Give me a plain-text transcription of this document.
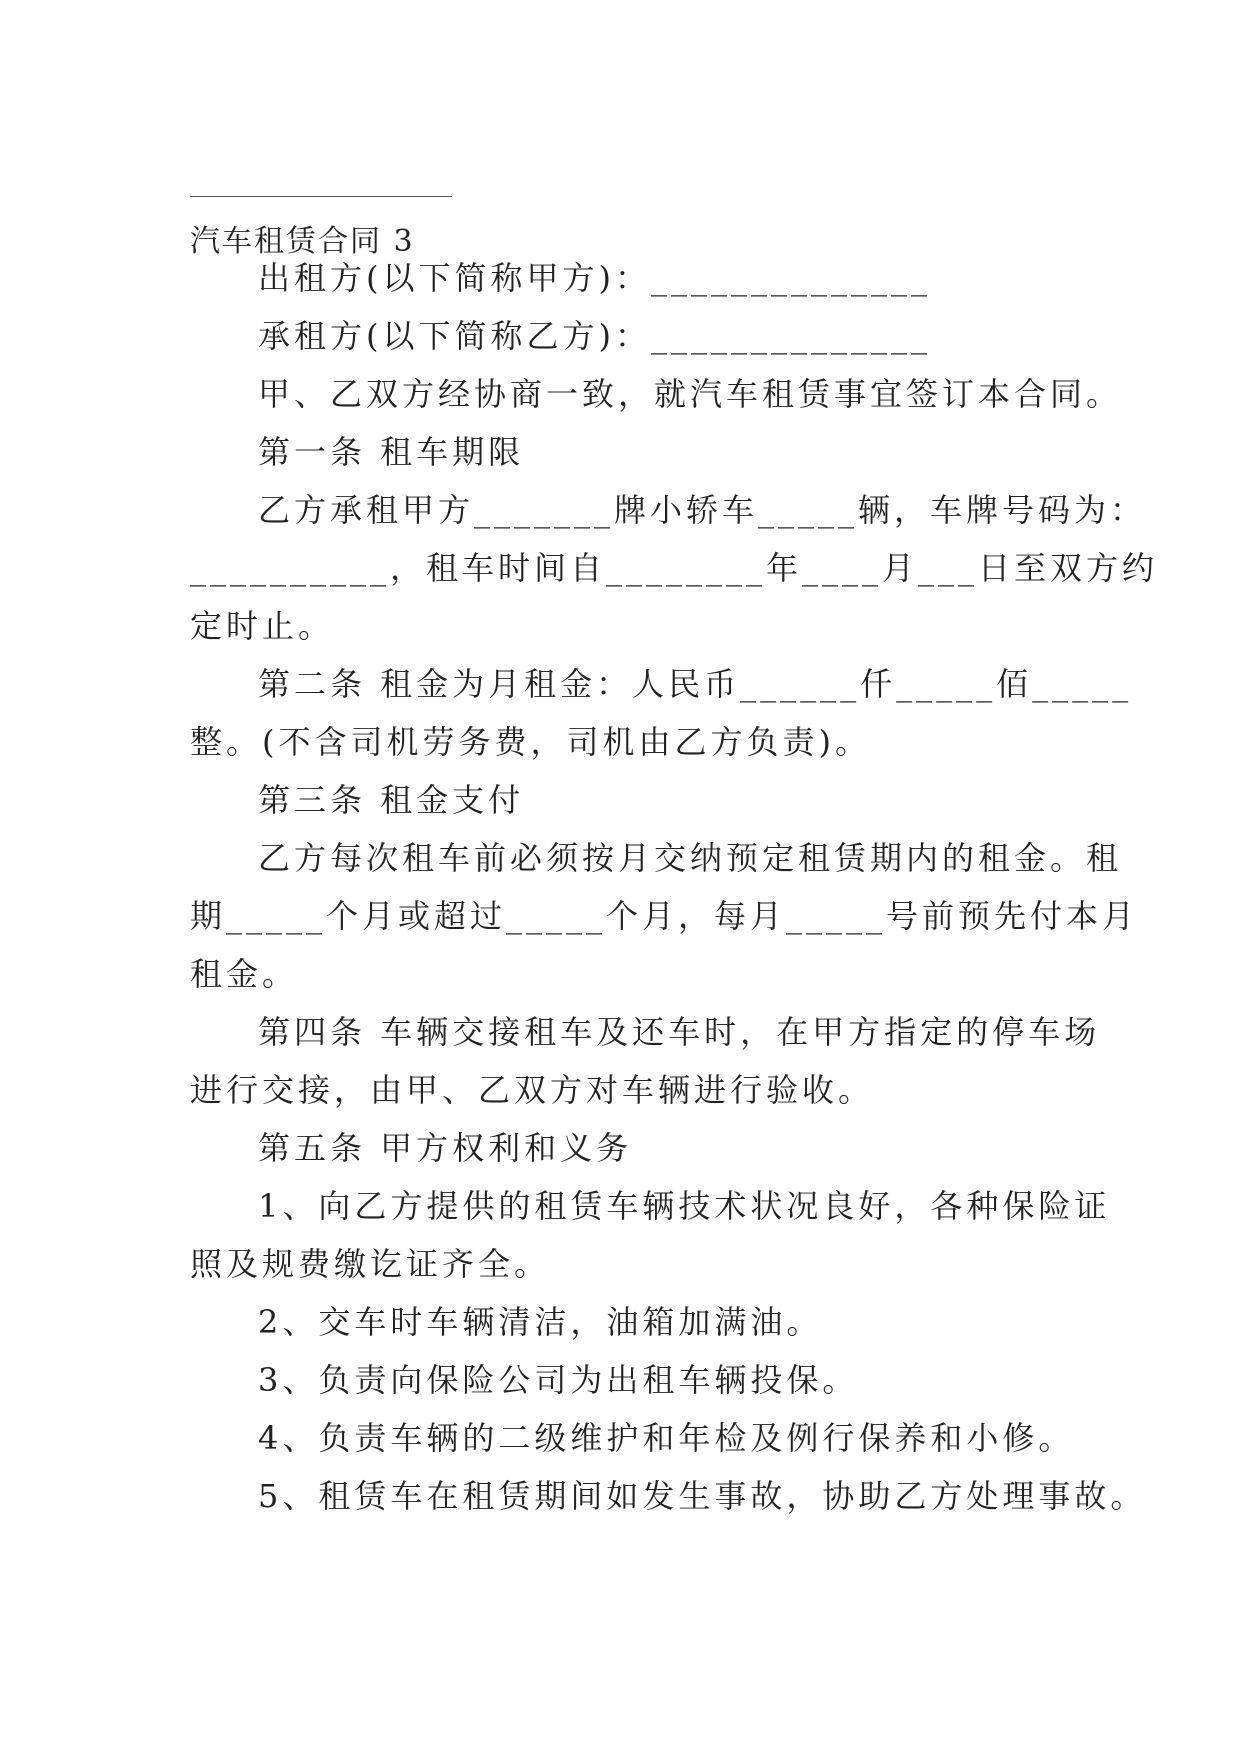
汽车租赁合同 3

出租方(以下简称甲方)：______________

承租方(以下简称乙方)：______________

甲、乙双方经协商一致，就汽车租赁事宜签订本合同。

第一条 租车期限

乙方承租甲方_______牌小轿车_____辆，车牌号码为：

__________，租车时间自________年____月___日至双方约

定时止。

第二条 租金为月租金：人民币______仟_____佰_____

整。(不含司机劳务费，司机由乙方负责)。

第三条 租金支付

乙方每次租车前必须按月交纳预定租赁期内的租金。租

期_____个月或超过_____个月，每月_____号前预先付本月

租金。

第四条 车辆交接租车及还车时，在甲方指定的停车场

进行交接，由甲、乙双方对车辆进行验收。

第五条 甲方权利和义务

1、向乙方提供的租赁车辆技术状况良好，各种保险证

照及规费缴讫证齐全。

2、交车时车辆清洁，油箱加满油。

3、负责向保险公司为出租车辆投保。

4、负责车辆的二级维护和年检及例行保养和小修。

5、租赁车在租赁期间如发生事故，协助乙方处理事故。
